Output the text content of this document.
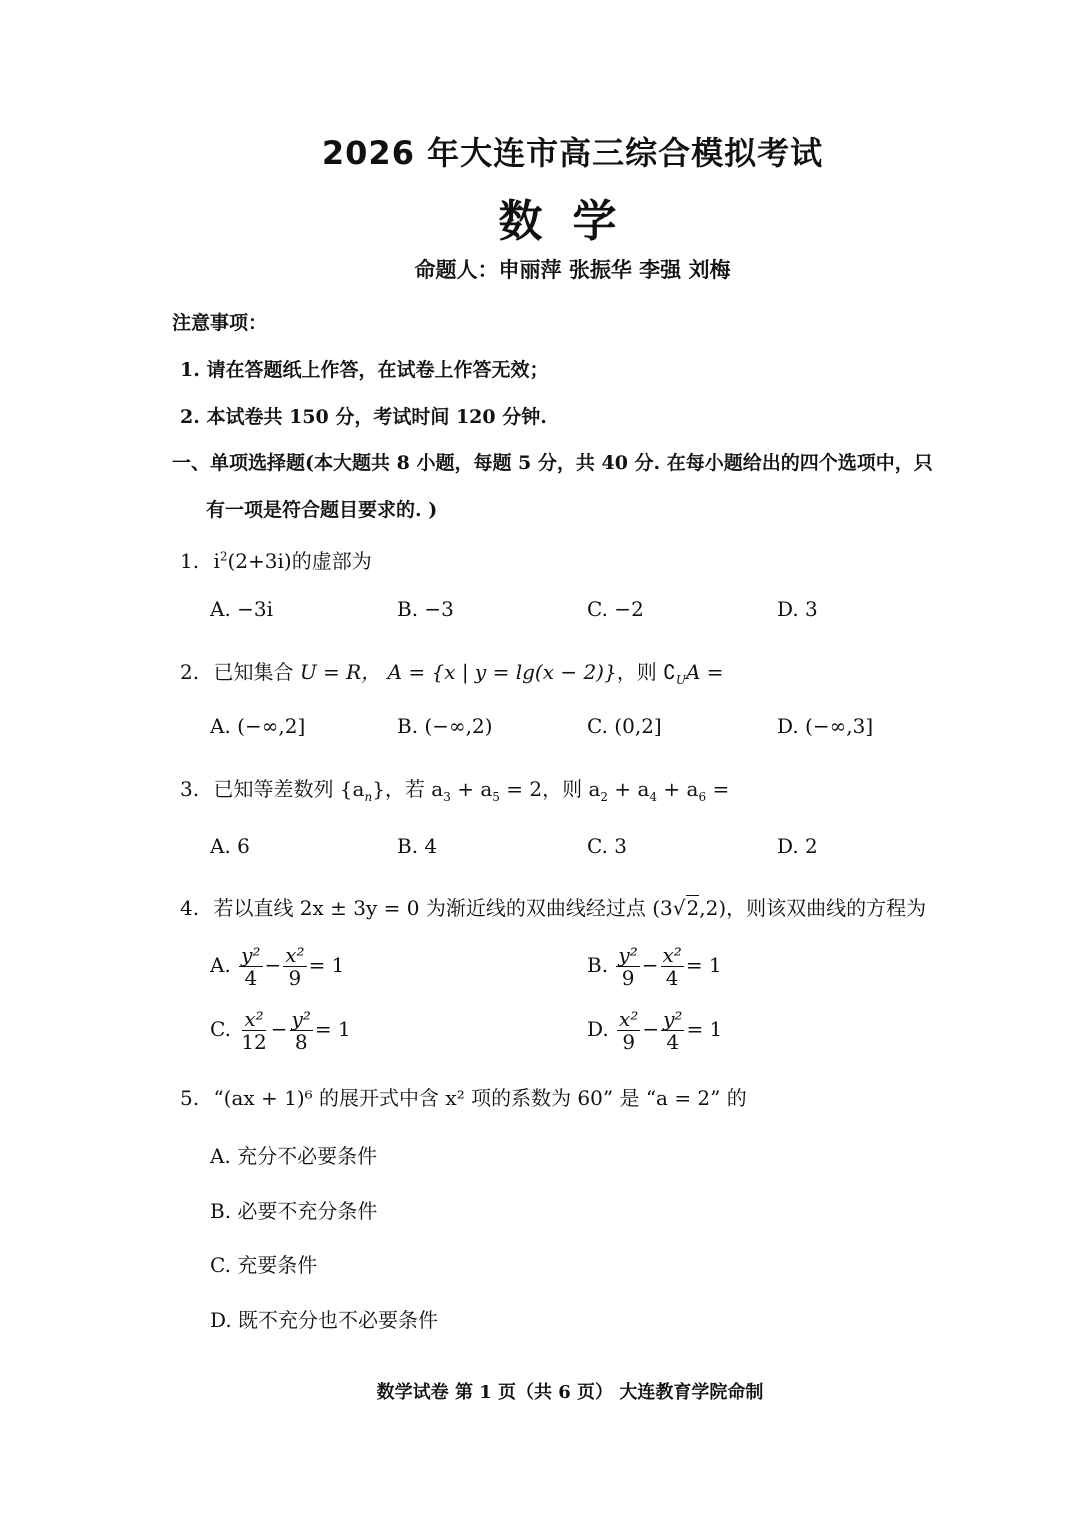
2026 年大连市高三综合模拟考试
数学
命题人：申丽萍 张振华 李强 刘梅
注意事项：
1. 请在答题纸上作答，在试卷上作答无效；
2. 本试卷共 150 分，考试时间 120 分钟.
一、单项选择题(本大题共 8 小题，每题 5 分，共 40 分. 在每小题给出的四个选项中，只
有一项是符合题目要求的. )
1. $i^2(2+3i)$的虚部为
A. −3i	B. −3	C. −2	D. 3
2. 已知集合 U = R， A = {x | y = lg(x − 2)}，则 $∁_UA$ =
A. (−∞,2]	B. (−∞,2)	C. (0,2]	D. (−∞,3]
3. 已知等差数列 $\{a_n\}$，若 $a_3 + a_5 = 2$，则 $a_2 + a_4 + a_6$ =
A. 6	B. 4	C. 3	D. 2
4. 若以直线 2x ± 3y = 0 为渐近线的双曲线经过点 (3√2,2)，则该双曲线的方程为
A. $\frac{\text{y²}}{4} - \frac{\text{x²}}{9} = 1$	B. $\frac{\text{y²}}{9} - \frac{\text{x²}}{4} = 1$
C. $\frac{\text{x²}}{12} - \frac{\text{y²}}{8} = 1$	D. $\frac{\text{x²}}{9} - \frac{\text{y²}}{4} = 1$
5. “(ax + 1)⁶ 的展开式中含 x² 项的系数为 60” 是 “a = 2” 的
A. 充分不必要条件
B. 必要不充分条件
C. 充要条件
D. 既不充分也不必要条件
数学试卷 第 1 页（共 6 页） 大连教育学院命制
